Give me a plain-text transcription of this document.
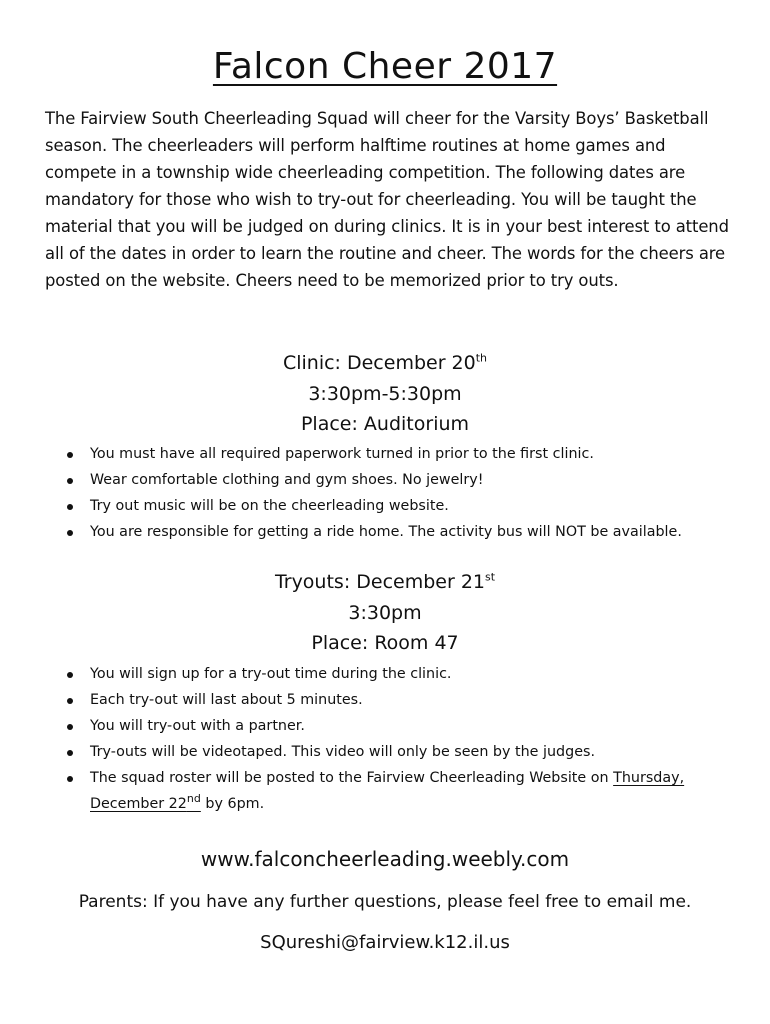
Falcon Cheer 2017

The Fairview South Cheerleading Squad will cheer for the Varsity Boys’ Basketball season. The cheerleaders will perform halftime routines at home games and compete in a township wide cheerleading competition. The following dates are mandatory for those who wish to try-out for cheerleading. You will be taught the material that you will be judged on during clinics. It is in your best interest to attend all of the dates in order to learn the routine and cheer. The words for the cheers are posted on the website. Cheers need to be memorized prior to try outs.

Clinic: December 20th
3:30pm-5:30pm
Place: Auditorium
You must have all required paperwork turned in prior to the first clinic.
Wear comfortable clothing and gym shoes. No jewelry!
Try out music will be on the cheerleading website.
You are responsible for getting a ride home. The activity bus will NOT be available.
Tryouts: December 21st
3:30pm
Place: Room 47
You will sign up for a try-out time during the clinic.
Each try-out will last about 5 minutes.
You will try-out with a partner.
Try-outs will be videotaped. This video will only be seen by the judges.
The squad roster will be posted to the Fairview Cheerleading Website on Thursday, December 22nd by 6pm.
www.falconcheerleading.weebly.com
Parents: If you have any further questions, please feel free to email me.
SQureshi@fairview.k12.il.us
